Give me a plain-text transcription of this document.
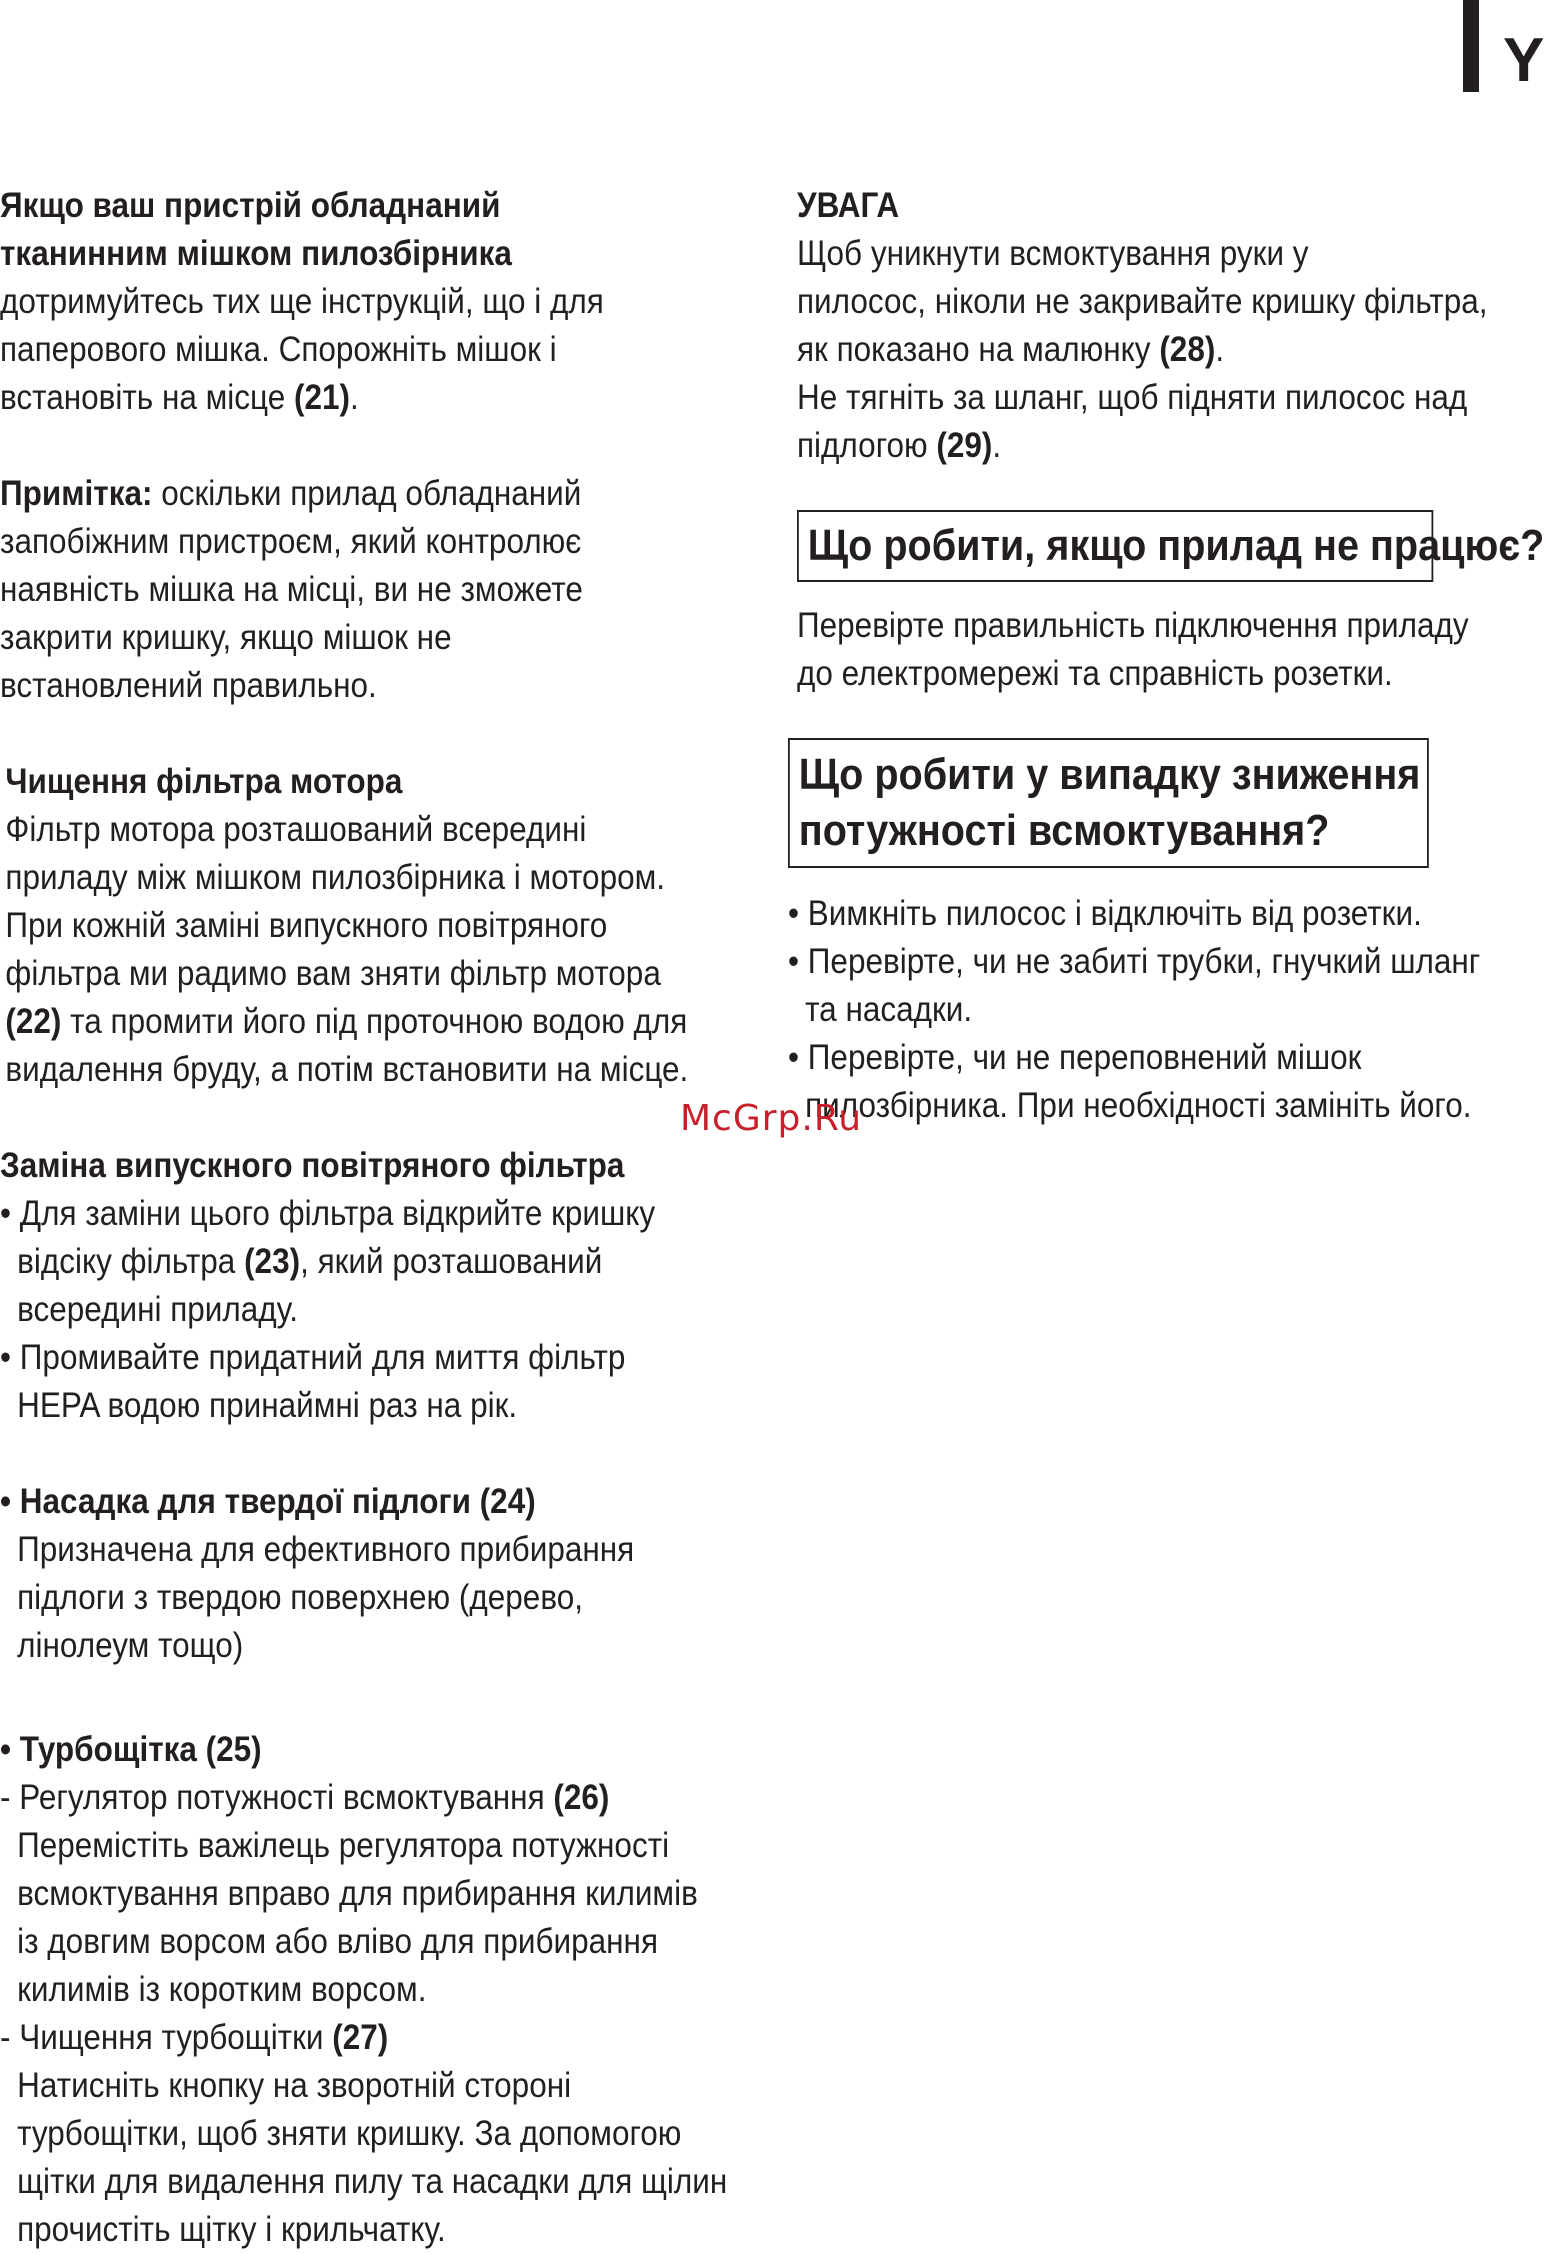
Y
Якщо ваш пристрій обладнаний
тканинним мішком пилозбірника
дотримуйтесь тих ще інструкцій, що і для
паперового мішка. Спорожніть мішок і
встановіть на місце (21).
Примітка: оскільки прилад обладнаний
запобіжним пристроєм, який контролює
наявність мішка на місці, ви не зможете
закрити кришку, якщо мішок не
встановлений правильно.
Чищення фільтра мотора
Фільтр мотора розташований всередині
приладу між мішком пилозбірника і мотором.
При кожній заміні випускного повітряного
фільтра ми радимо вам зняти фільтр мотора
(22) та промити його під проточною водою для
видалення бруду, а потім встановити на місце.
Заміна випускного повітряного фільтра
• Для заміни цього фільтра відкрийте кришку
відсіку фільтра (23), який розташований
всередині приладу.
• Промивайте придатний для миття фільтр
HEPA водою принаймні раз на рік.
• Насадка для твердої підлоги (24)
Призначена для ефективного прибирання
підлоги з твердою поверхнею (дерево,
лінолеум тощо)
• Турбощітка (25)
- Регулятор потужності всмоктування (26)
Перемістіть важілець регулятора потужності
всмоктування вправо для прибирання килимів
із довгим ворсом або вліво для прибирання
килимів із коротким ворсом.
- Чищення турбощітки (27)
Натисніть кнопку на зворотній стороні
турбощітки, щоб зняти кришку. За допомогою
щітки для видалення пилу та насадки для щілин
прочистіть щітку і крильчатку.
УВАГА
Щоб уникнути всмоктування руки у
пилосос, ніколи не закривайте кришку фільтра,
як показано на малюнку (28).
Не тягніть за шланг, щоб підняти пилосос над
підлогою (29).
Що робити, якщо прилад не працює?
Перевірте правильність підключення приладу
до електромережі та справність розетки.
Що робити у випадку зниження
потужності всмоктування?
• Вимкніть пилосос і відключіть від розетки.
• Перевірте, чи не забиті трубки, гнучкий шланг
та насадки.
• Перевірте, чи не переповнений мішок
пилозбірника. При необхідності замініть його.
McGrp.Ru
